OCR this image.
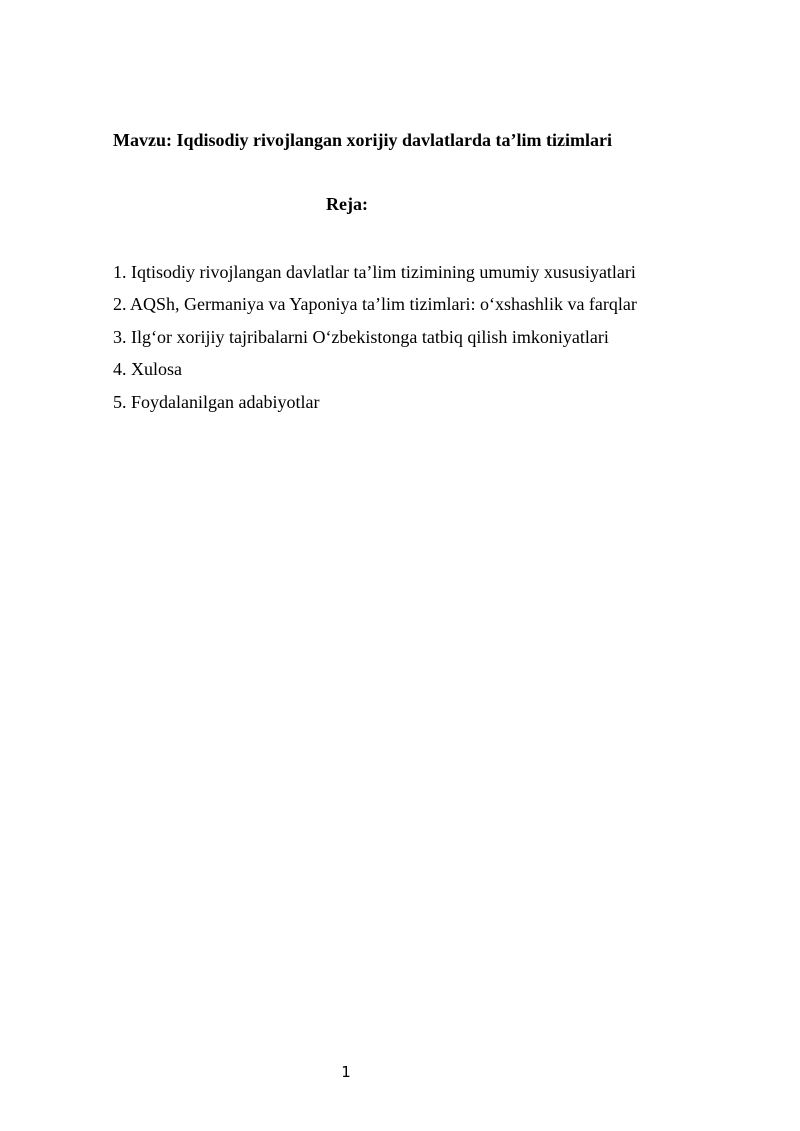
Mavzu: Iqdisodiy rivojlangan xorijiy davlatlarda ta’lim tizimlari
Reja:
1. Iqtisodiy rivojlangan davlatlar ta’lim tizimining umumiy xususiyatlari
2. AQSh, Germaniya va Yaponiya ta’lim tizimlari: o‘xshashlik va farqlar
3. Ilg‘or xorijiy tajribalarni O‘zbekistonga tatbiq qilish imkoniyatlari
4. Xulosa
5. Foydalanilgan adabiyotlar
1
